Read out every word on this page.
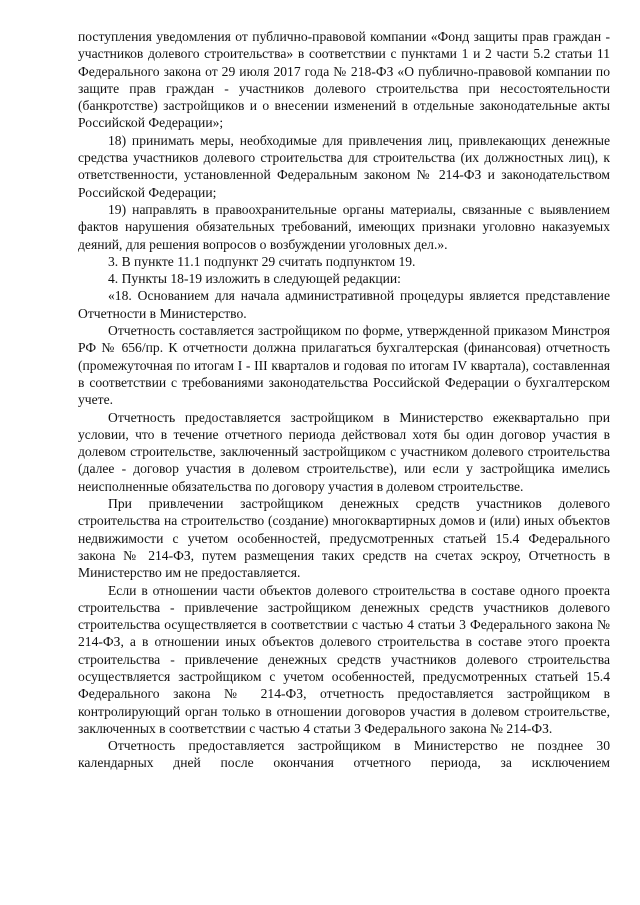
поступления уведомления от публично-правовой компании «Фонд защиты прав граждан - участников долевого строительства» в соответствии с пунктами 1 и 2 части 5.2 статьи 11 Федерального закона от 29 июля 2017 года № 218-ФЗ «О публично-правовой компании по защите прав граждан - участников долевого строительства при несостоятельности (банкротстве) застройщиков и о внесении изменений в отдельные законодательные акты Российской Федерации»;

18) принимать меры, необходимые для привлечения лиц, привлекающих денежные средства участников долевого строительства для строительства (их должностных лиц), к ответственности, установленной Федеральным законом № 214-ФЗ и законодательством Российской Федерации;

19) направлять в правоохранительные органы материалы, связанные с выявлением фактов нарушения обязательных требований, имеющих признаки уголовно наказуемых деяний, для решения вопросов о возбуждении уголовных дел.».

3. В пункте 11.1 подпункт 29 считать подпунктом 19.

4. Пункты 18-19 изложить в следующей редакции:

«18. Основанием для начала административной процедуры является представление Отчетности в Министерство.

Отчетность составляется застройщиком по форме, утвержденной приказом Минстроя РФ № 656/пр. К отчетности должна прилагаться бухгалтерская (финансовая) отчетность (промежуточная по итогам I - III кварталов и годовая по итогам IV квартала), составленная в соответствии с требованиями законодательства Российской Федерации о бухгалтерском учете.

Отчетность предоставляется застройщиком в Министерство ежеквартально при условии, что в течение отчетного периода действовал хотя бы один договор участия в долевом строительстве, заключенный застройщиком с участником долевого строительства (далее - договор участия в долевом строительстве), или если у застройщика имелись неисполненные обязательства по договору участия в долевом строительстве.

При привлечении застройщиком денежных средств участников долевого строительства на строительство (создание) многоквартирных домов и (или) иных объектов недвижимости с учетом особенностей, предусмотренных статьей 15.4 Федерального закона № 214-ФЗ, путем размещения таких средств на счетах эскроу, Отчетность в Министерство им не предоставляется.

Если в отношении части объектов долевого строительства в составе одного проекта строительства - привлечение застройщиком денежных средств участников долевого строительства осуществляется в соответствии с частью 4 статьи 3 Федерального закона № 214-ФЗ, а в отношении иных объектов долевого строительства в составе этого проекта строительства - привлечение денежных средств участников долевого строительства осуществляется застройщиком с учетом особенностей, предусмотренных статьей 15.4 Федерального закона № 214-ФЗ, отчетность предоставляется застройщиком в контролирующий орган только в отношении договоров участия в долевом строительстве, заключенных в соответствии с частью 4 статьи 3 Федерального закона № 214-ФЗ.

Отчетность предоставляется застройщиком в Министерство не позднее 30 календарных дней после окончания отчетного периода, за исключением
